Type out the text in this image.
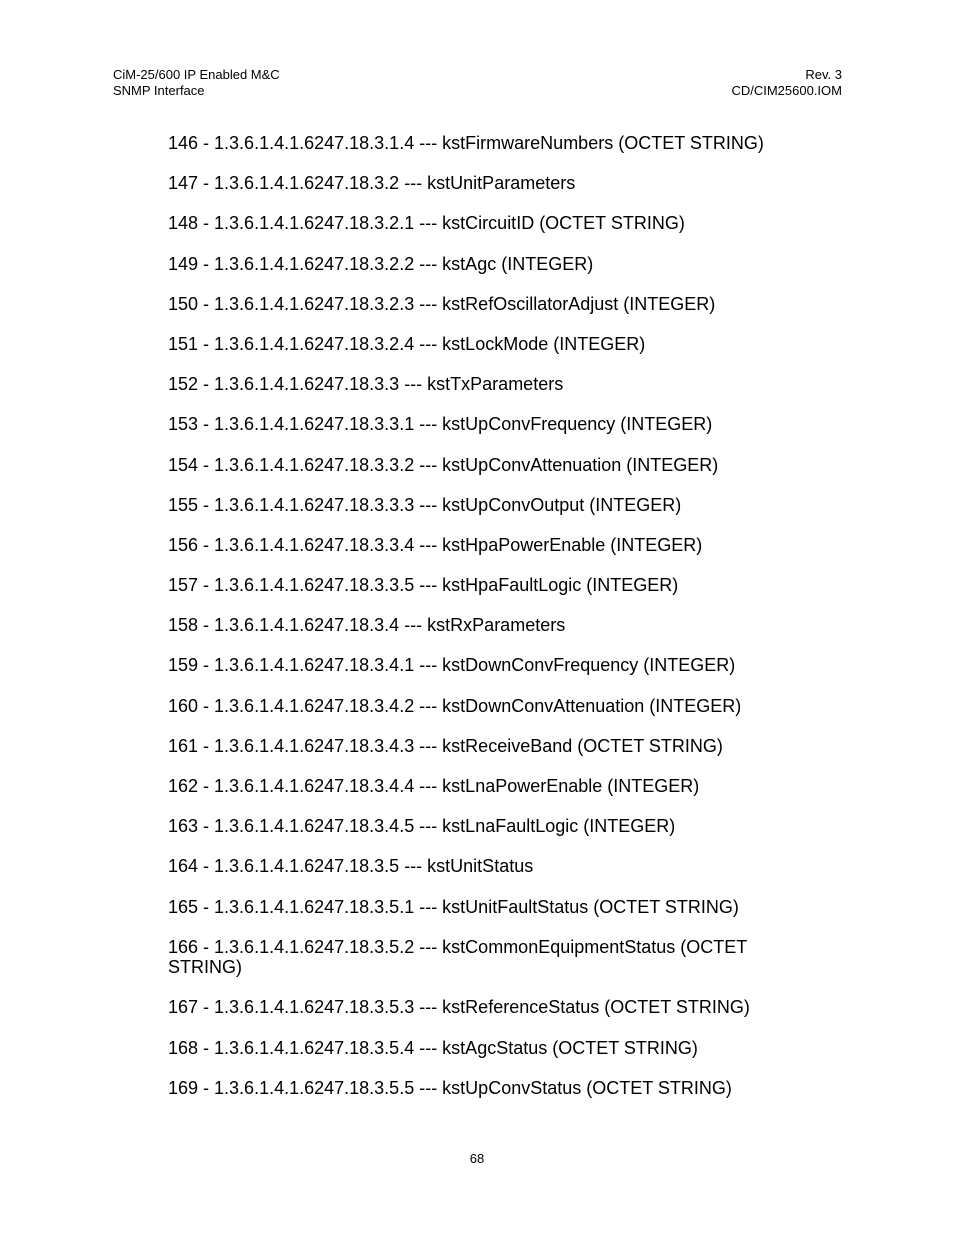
CiM-25/600 IP Enabled M&C
SNMP Interface
Rev. 3
CD/CIM25600.IOM
146 - 1.3.6.1.4.1.6247.18.3.1.4 --- kstFirmwareNumbers (OCTET STRING)
147 - 1.3.6.1.4.1.6247.18.3.2 --- kstUnitParameters
148 - 1.3.6.1.4.1.6247.18.3.2.1 --- kstCircuitID (OCTET STRING)
149 - 1.3.6.1.4.1.6247.18.3.2.2 --- kstAgc (INTEGER)
150 - 1.3.6.1.4.1.6247.18.3.2.3 --- kstRefOscillatorAdjust (INTEGER)
151 - 1.3.6.1.4.1.6247.18.3.2.4 --- kstLockMode (INTEGER)
152 - 1.3.6.1.4.1.6247.18.3.3 --- kstTxParameters
153 - 1.3.6.1.4.1.6247.18.3.3.1 --- kstUpConvFrequency (INTEGER)
154 - 1.3.6.1.4.1.6247.18.3.3.2 --- kstUpConvAttenuation (INTEGER)
155 - 1.3.6.1.4.1.6247.18.3.3.3 --- kstUpConvOutput (INTEGER)
156 - 1.3.6.1.4.1.6247.18.3.3.4 --- kstHpaPowerEnable (INTEGER)
157 - 1.3.6.1.4.1.6247.18.3.3.5 --- kstHpaFaultLogic (INTEGER)
158 - 1.3.6.1.4.1.6247.18.3.4 --- kstRxParameters
159 - 1.3.6.1.4.1.6247.18.3.4.1 --- kstDownConvFrequency (INTEGER)
160 - 1.3.6.1.4.1.6247.18.3.4.2 --- kstDownConvAttenuation (INTEGER)
161 - 1.3.6.1.4.1.6247.18.3.4.3 --- kstReceiveBand (OCTET STRING)
162 - 1.3.6.1.4.1.6247.18.3.4.4 --- kstLnaPowerEnable (INTEGER)
163 - 1.3.6.1.4.1.6247.18.3.4.5 --- kstLnaFaultLogic (INTEGER)
164 - 1.3.6.1.4.1.6247.18.3.5 --- kstUnitStatus
165 - 1.3.6.1.4.1.6247.18.3.5.1 --- kstUnitFaultStatus (OCTET STRING)
166 - 1.3.6.1.4.1.6247.18.3.5.2 --- kstCommonEquipmentStatus (OCTET STRING)
167 - 1.3.6.1.4.1.6247.18.3.5.3 --- kstReferenceStatus (OCTET STRING)
168 - 1.3.6.1.4.1.6247.18.3.5.4 --- kstAgcStatus (OCTET STRING)
169 - 1.3.6.1.4.1.6247.18.3.5.5 --- kstUpConvStatus (OCTET STRING)
68
